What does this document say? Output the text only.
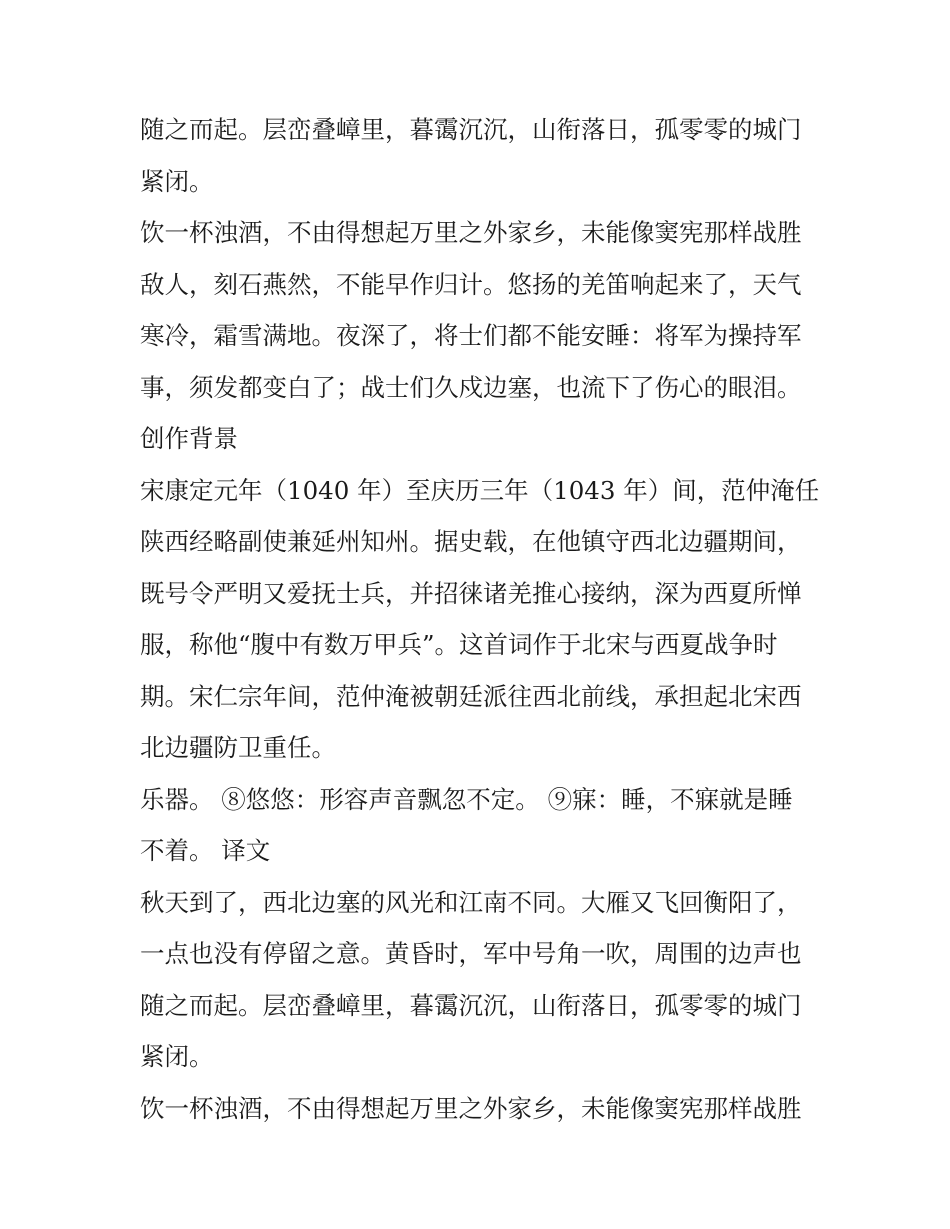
随之而起。层峦叠嶂里，暮霭沉沉，山衔落日，孤零零的城门
紧闭。
饮一杯浊酒，不由得想起万里之外家乡，未能像窦宪那样战胜
敌人，刻石燕然，不能早作归计。悠扬的羌笛响起来了，天气
寒冷，霜雪满地。夜深了，将士们都不能安睡：将军为操持军
事，须发都变白了；战士们久戍边塞，也流下了伤心的眼泪。
创作背景
宋康定元年（1040 年）至庆历三年（1043 年）间，范仲淹任
陕西经略副使兼延州知州。据史载，在他镇守西北边疆期间，
既号令严明又爱抚士兵，并招徕诸羌推心接纳，深为西夏所惮
服，称他“腹中有数万甲兵”。这首词作于北宋与西夏战争时
期。宋仁宗年间，范仲淹被朝廷派往西北前线，承担起北宋西
北边疆防卫重任。
乐器。 ⑧悠悠：形容声音飘忽不定。 ⑨寐：睡，不寐就是睡
不着。 译文
秋天到了，西北边塞的风光和江南不同。大雁又飞回衡阳了，
一点也没有停留之意。黄昏时，军中号角一吹，周围的边声也
随之而起。层峦叠嶂里，暮霭沉沉，山衔落日，孤零零的城门
紧闭。
饮一杯浊酒，不由得想起万里之外家乡，未能像窦宪那样战胜
